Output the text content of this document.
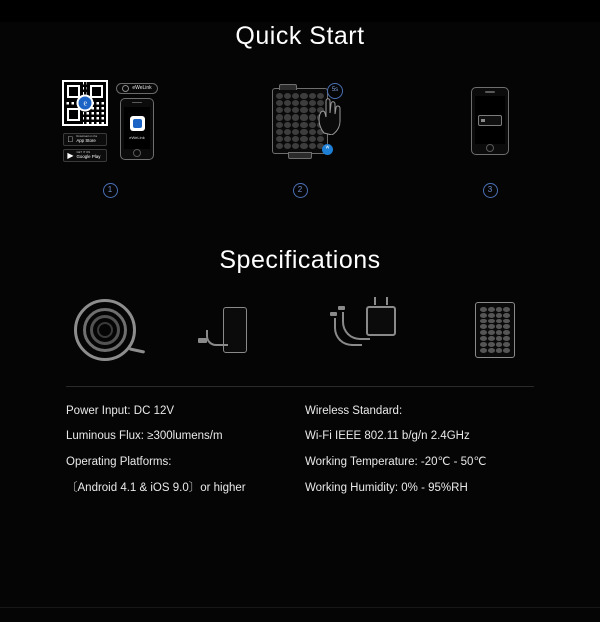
Quick Start
e
Download on the
App Store
▶ GET IT ON
Google Play
eWeLink
eWeLink
1
5s
ᵂ
2	3
Specifications

Power Input: DC 12V

Luminous Flux: ≥300lumens/m

Operating Platforms:

〔Android 4.1 & iOS 9.0〕or higher

Wireless Standard:

Wi-Fi IEEE 802.11 b/g/n 2.4GHz

Working Temperature: -20℃ - 50℃

Working Humidity: 0% - 95%RH
